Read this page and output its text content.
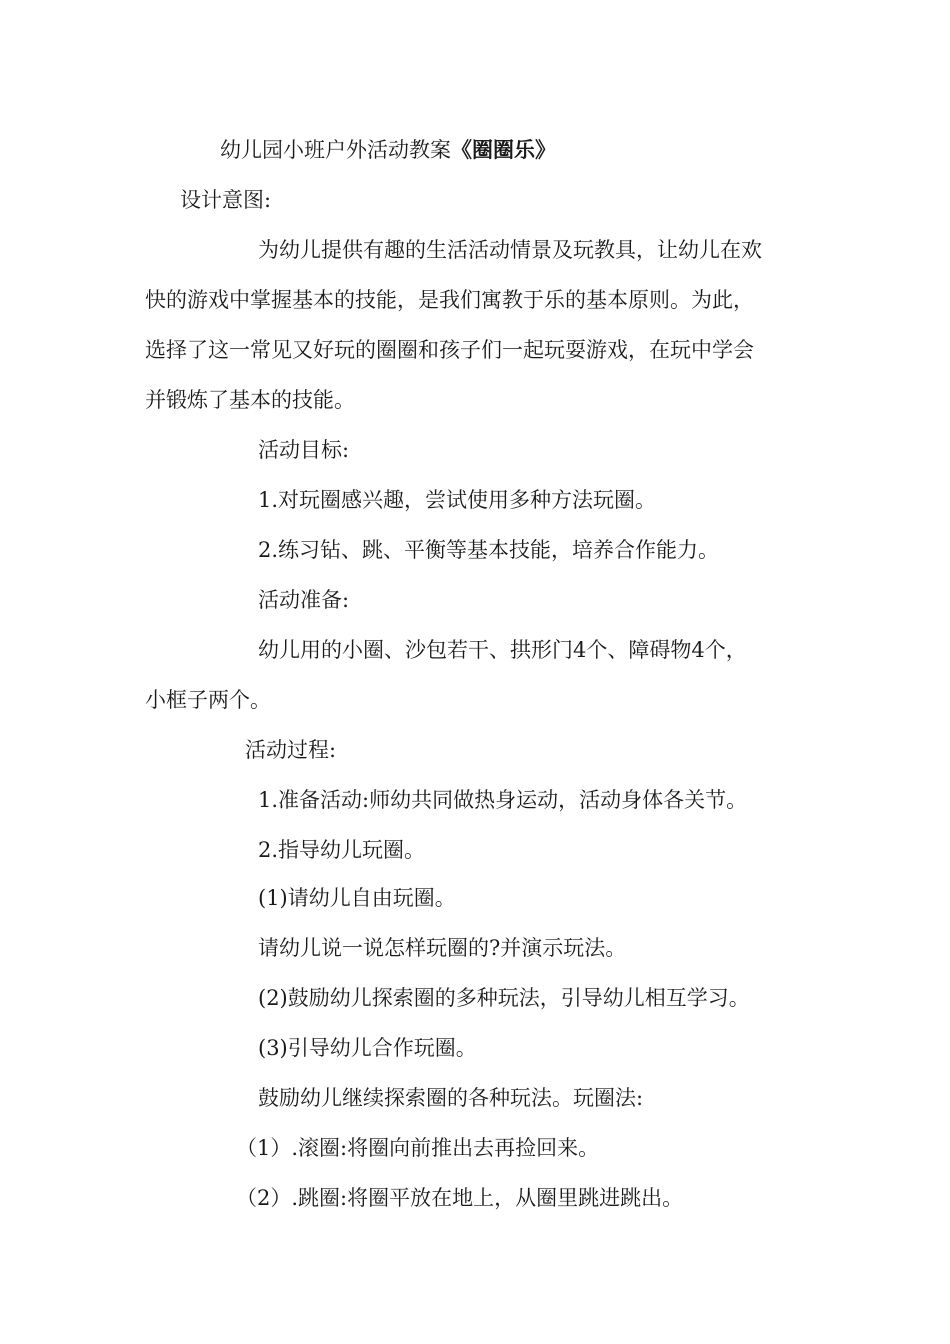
幼儿园小班户外活动教案《圈圈乐》
设计意图:
为幼儿提供有趣的生活活动情景及玩教具，让幼儿在欢
快的游戏中掌握基本的技能，是我们寓教于乐的基本原则。为此，
选择了这一常见又好玩的圈圈和孩子们一起玩耍游戏，在玩中学会
并锻炼了基本的技能。
活动目标:
1.对玩圈感兴趣，尝试使用多种方法玩圈。
2.练习钻、跳、平衡等基本技能，培养合作能力。
活动准备:
幼儿用的小圈、沙包若干、拱形门4个、障碍物4个，
小框子两个。
活动过程:
1.准备活动:师幼共同做热身运动，活动身体各关节。
2.指导幼儿玩圈。
(1)请幼儿自由玩圈。
请幼儿说一说怎样玩圈的?并演示玩法。
(2)鼓励幼儿探索圈的多种玩法，引导幼儿相互学习。
(3)引导幼儿合作玩圈。
鼓励幼儿继续探索圈的各种玩法。玩圈法:
（1）.滚圈:将圈向前推出去再捡回来。
（2）.跳圈:将圈平放在地上，从圈里跳进跳出。
